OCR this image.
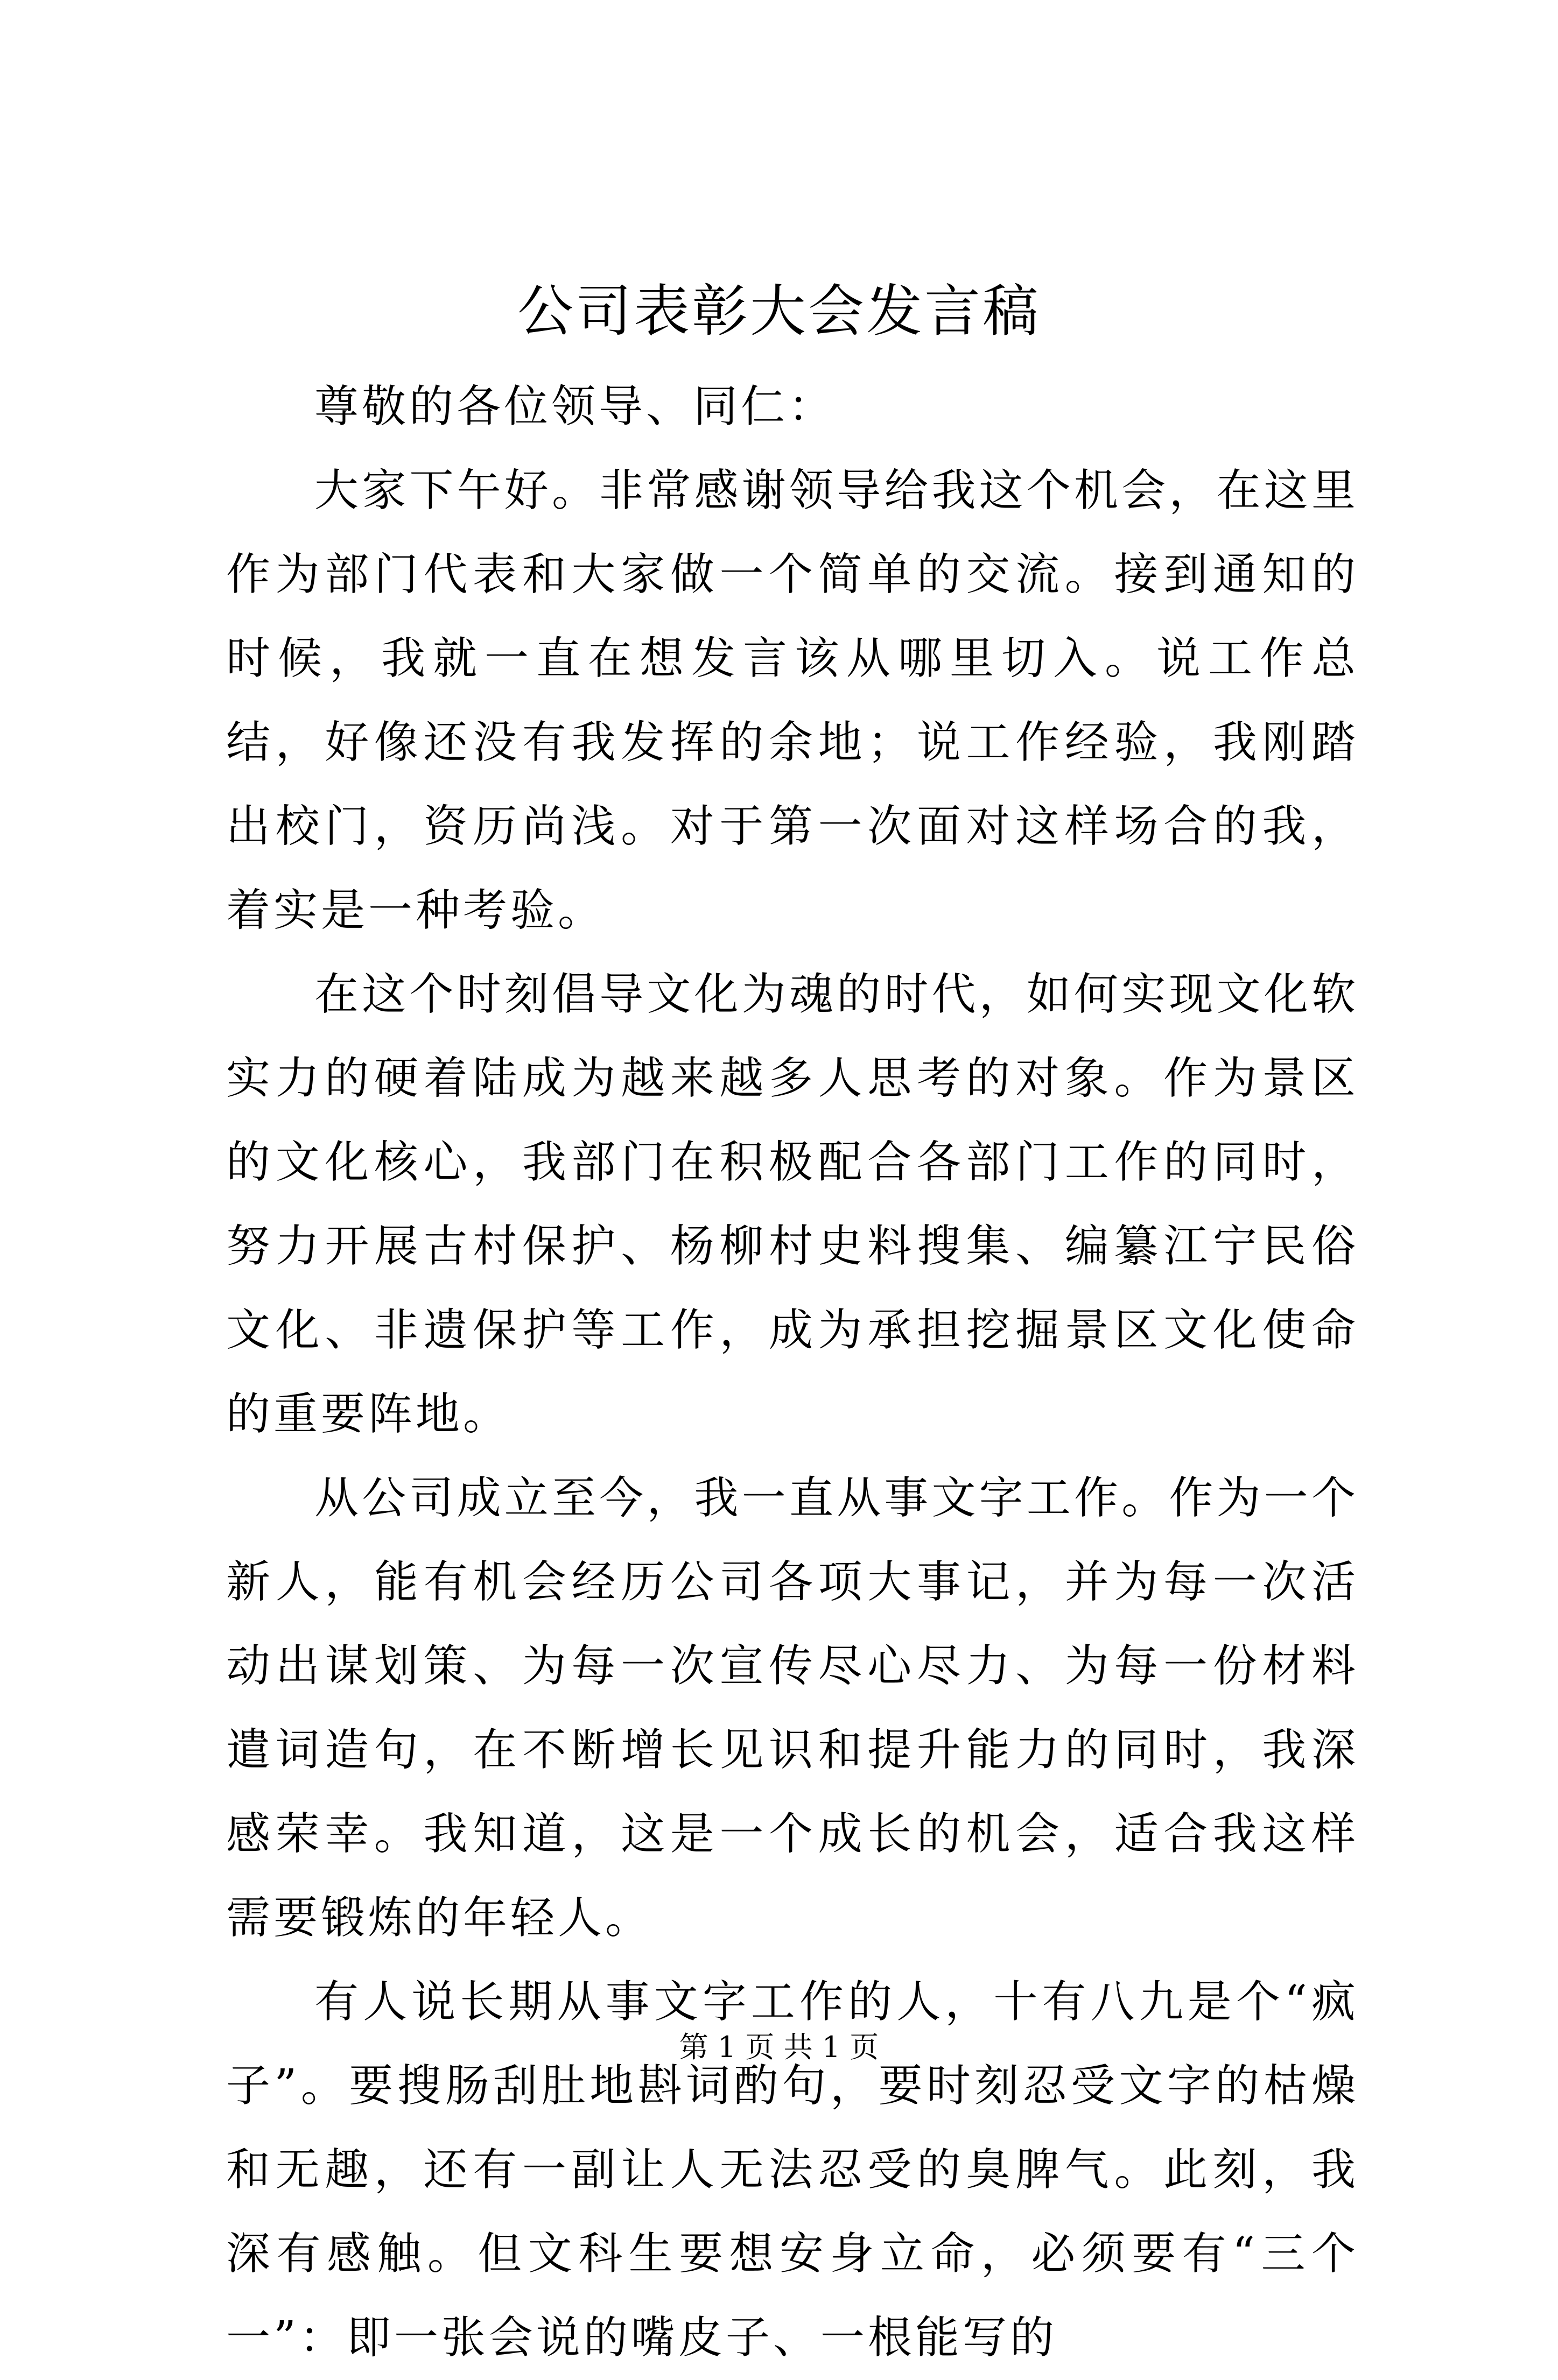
公司表彰大会发言稿

尊敬的各位领导、同仁：

大家下午好。非常感谢领导给我这个机会，在这里作为部门代表和大家做一个简单的交流。接到通知的时候，我就一直在想发言该从哪里切入。说工作总结，好像还没有我发挥的余地；说工作经验，我刚踏出校门，资历尚浅。对于第一次面对这样场合的我，着实是一种考验。

在这个时刻倡导文化为魂的时代，如何实现文化软实力的硬着陆成为越来越多人思考的对象。作为景区的文化核心，我部门在积极配合各部门工作的同时，努力开展古村保护、杨柳村史料搜集、编纂江宁民俗文化、非遗保护等工作，成为承担挖掘景区文化使命的重要阵地。

从公司成立至今，我一直从事文字工作。作为一个新人，能有机会经历公司各项大事记，并为每一次活动出谋划策、为每一次宣传尽心尽力、为每一份材料遣词造句，在不断增长见识和提升能力的同时，我深感荣幸。我知道，这是一个成长的机会，适合我这样需要锻炼的年轻人。

有人说长期从事文字工作的人，十有八九是个“疯子”。要搜肠刮肚地斟词酌句，要时刻忍受文字的枯燥和无趣，还有一副让人无法忍受的臭脾气。此刻，我深有感触。但文科生要想安身立命，必须要有“三个一”：即一张会说的嘴皮子、一根能写的

第 1 页 共 1 页
